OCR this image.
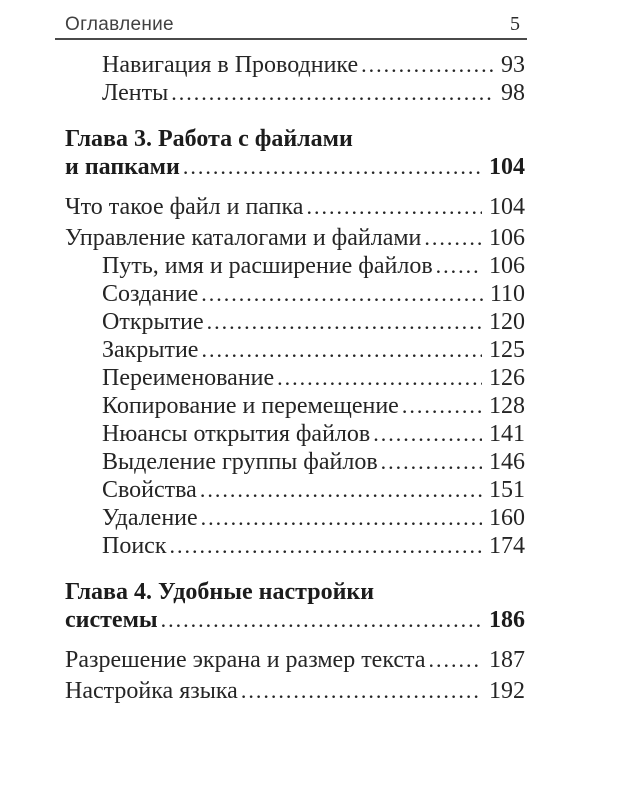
Оглавление	5
Навигация в Проводнике .....	93
Ленты .....	98
Глава 3. Работа с файлами
и папками .....	104
Что такое файл и папка .....	104
Управление каталогами и файлами .....	106
Путь, имя и расширение файлов ..... 106
Создание .....	110
Открытие .....	120
Закрытие .....	125
Переименование .....	126
Копирование и перемещение .....	128
Нюансы открытия файлов .....	141
Выделение группы файлов .....	146
Свойства .....	151
Удаление .....	160
Поиск .....	174
Глава 4. Удобные настройки
системы .....	186
Разрешение экрана и размер текста .....	187
Настройка языка .....	192
